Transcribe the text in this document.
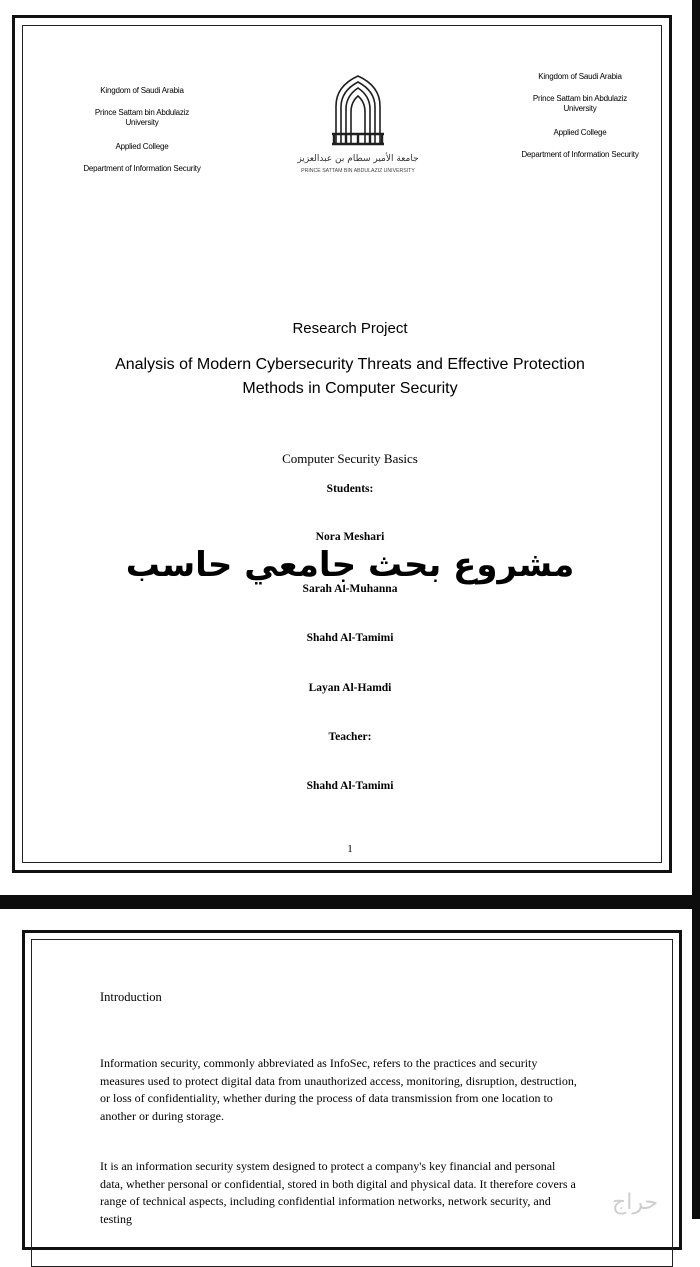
Kingdom of Saudi Arabia
Prince Sattam bin Abdulaziz
University
Applied College
Department of Information Security
Kingdom of Saudi Arabia
Prince Sattam bin Abdulaziz
University
Applied College
Department of Information Security
جامعة الأمير سطام بن عبدالعزيز
PRINCE SATTAM BIN ABDULAZIZ UNIVERSITY
Research Project
Analysis of Modern Cybersecurity Threats and Effective Protection
Methods in Computer Security
Computer Security Basics
Students:
Nora Meshari
Sarah Al-Muhanna
Shahd Al-Tamimi
Layan Al-Hamdi
Teacher:
Shahd Al-Tamimi
1
مشروع بحث جامعي حاسب
Introduction
Information security, commonly abbreviated as InfoSec, refers to the practices and security measures used to protect digital data from unauthorized access, monitoring, disruption, destruction, or loss of confidentiality, whether during the process of data transmission from one location to another or during storage.
It is an information security system designed to protect a company's key financial and personal data, whether personal or confidential, stored in both digital and physical data. It therefore covers a range of technical aspects, including confidential information networks, network security, and testing
حراج
